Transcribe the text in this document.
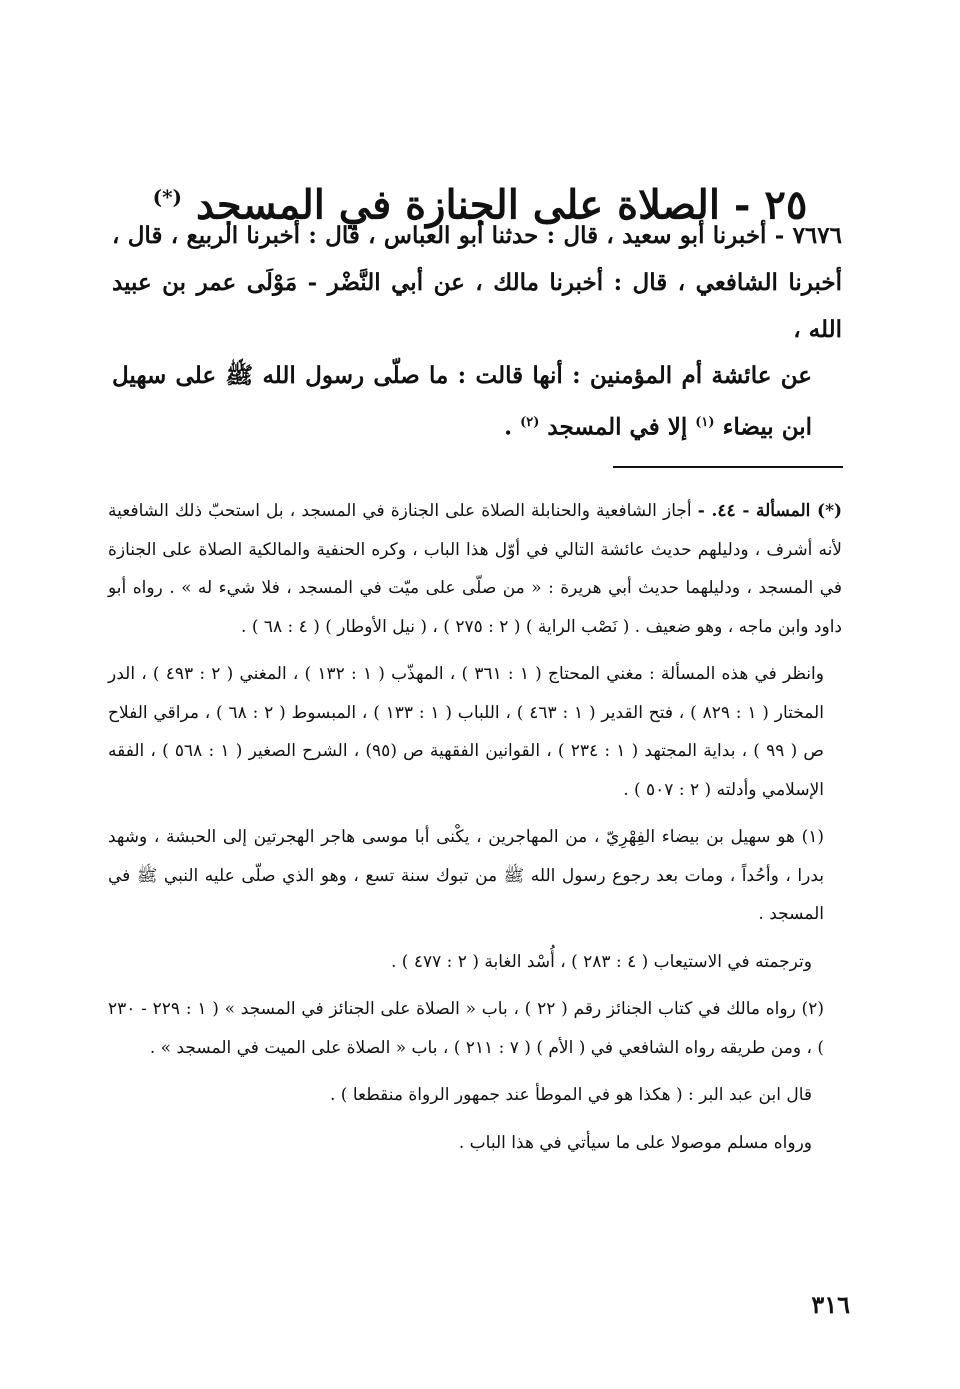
٢٥ - الصلاة على الجنازة في المسجد (*)

٧٦٧٦ - أخبرنا أبو سعيد ، قال : حدثنا أبو العباس ، قال : أخبرنا الربيع ، قال ، أخبرنا الشافعي ، قال : أخبرنا مالك ، عن أبي النَّضْر - مَوْلَى عمر بن عبيد الله ،

عن عائشة أم المؤمنين : أنها قالت : ما صلّى رسول الله ﷺ على سهيل ابن بيضاء $^{(١)}$ إلا في المسجد $^{(٢)}$ .

(*) المسألة - ٤٤. - أجاز الشافعية والحنابلة الصلاة على الجنازة في المسجد ، بل استحبّ ذلك الشافعية لأنه أشرف ، ودليلهم حديث عائشة التالي في أوّل هذا الباب ، وكره الحنفية والمالكية الصلاة على الجنازة في المسجد ، ودليلهما حديث أبي هريرة : « من صلّى على ميّت في المسجد ، فلا شيء له » . رواه أبو داود وابن ماجه ، وهو ضعيف . ( نَصْب الراية ) ( ٢ : ٢٧٥ ) ، ( نيل الأوطار ) ( ٤ : ٦٨ ) .

وانظر في هذه المسألة : مغني المحتاج ( ١ : ٣٦١ ) ، المهذّب ( ١ : ١٣٢ ) ، المغني ( ٢ : ٤٩٣ ) ، الدر المختار ( ١ : ٨٢٩ ) ، فتح القدير ( ١ : ٤٦٣ ) ، اللباب ( ١ : ١٣٣ ) ، المبسوط ( ٢ : ٦٨ ) ، مراقي الفلاح ص ( ٩٩ ) ، بداية المجتهد ( ١ : ٢٣٤ ) ، القوانين الفقهية ص (٩٥) ، الشرح الصغير ( ١ : ٥٦٨ ) ، الفقه الإسلامي وأدلته ( ٢ : ٥٠٧ ) .

(١) هو سهيل بن بيضاء الفِهْرِيّ ، من المهاجرين ، يكْنى أبا موسى هاجر الهجرتين إلى الحبشة ، وشهد بدرا ، وأحُداً ، ومات بعد رجوع رسول الله ﷺ من تبوك سنة تسع ، وهو الذي صلّى عليه النبي ﷺ في المسجد .

وترجمته في الاستيعاب ( ٤ : ٢٨٣ ) ، أُسْد الغابة ( ٢ : ٤٧٧ ) .

(٢) رواه مالك في كتاب الجنائز رقم ( ٢٢ ) ، باب « الصلاة على الجنائز في المسجد » ( ١ : ٢٢٩ - ٢٣٠ ) ، ومن طريقه رواه الشافعي في ( الأم ) ( ٧ : ٢١١ ) ، باب « الصلاة على الميت في المسجد » .

قال ابن عبد البر : ( هكذا هو في الموطأ عند جمهور الرواة منقطعا ) .

ورواه مسلم موصولا على ما سيأتي في هذا الباب .

٣١٦
